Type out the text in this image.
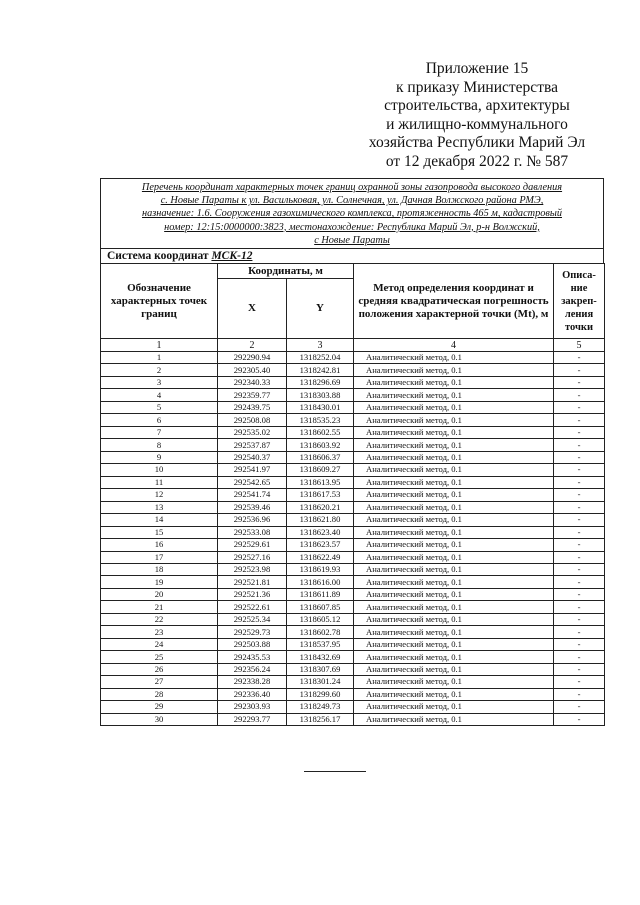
Приложение 15
к приказу Министерства
строительства, архитектуры
и жилищно-коммунального
хозяйства Республики Марий Эл
от 12 декабря 2022 г. № 587
Перечень координат характерных точек границ охранной зоны газопровода высокого давления
с. Новые Параты к ул. Васильковая, ул. Солнечная, ул. Дачная Волжского района РМЭ,
назначение: 1.6. Сооружения газохимического комплекса, протяженность 465 м, кадастровый
номер: 12:15:0000000:3823, местонахождение: Республика Марий Эл, р-н Волжский,
с Новые Параты
Система координат МСК-12
Обозначение характерных точек границ	Координаты, м		Метод определения координат и средняя квадратическая погрешность положения характерной точки (Mt), м	Описа-ние закреп-ления точки
	X	Y		
1	2	3	4	5
1	292290.94	1318252.04	Аналитический метод, 0.1	-
2	292305.40	1318242.81	Аналитический метод, 0.1	-
3	292340.33	1318296.69	Аналитический метод, 0.1	-
4	292359.77	1318303.88	Аналитический метод, 0.1	-
5	292439.75	1318430.01	Аналитический метод, 0.1	-
6	292508.08	1318535.23	Аналитический метод, 0.1	-
7	292535.02	1318602.55	Аналитический метод, 0.1	-
8	292537.87	1318603.92	Аналитический метод, 0.1	-
9	292540.37	1318606.37	Аналитический метод, 0.1	-
10	292541.97	1318609.27	Аналитический метод, 0.1	-
11	292542.65	1318613.95	Аналитический метод, 0.1	-
12	292541.74	1318617.53	Аналитический метод, 0.1	-
13	292539.46	1318620.21	Аналитический метод, 0.1	-
14	292536.96	1318621.80	Аналитический метод, 0.1	-
15	292533.08	1318623.40	Аналитический метод, 0.1	-
16	292529.61	1318623.57	Аналитический метод, 0.1	-
17	292527.16	1318622.49	Аналитический метод, 0.1	-
18	292523.98	1318619.93	Аналитический метод, 0.1	-
19	292521.81	1318616.00	Аналитический метод, 0.1	-
20	292521.36	1318611.89	Аналитический метод, 0.1	-
21	292522.61	1318607.85	Аналитический метод, 0.1	-
22	292525.34	1318605.12	Аналитический метод, 0.1	-
23	292529.73	1318602.78	Аналитический метод, 0.1	-
24	292503.88	1318537.95	Аналитический метод, 0.1	-
25	292435.53	1318432.69	Аналитический метод, 0.1	-
26	292356.24	1318307.69	Аналитический метод, 0.1	-
27	292338.28	1318301.24	Аналитический метод, 0.1	-
28	292336.40	1318299.60	Аналитический метод, 0.1	-
29	292303.93	1318249.73	Аналитический метод, 0.1	-
30	292293.77	1318256.17	Аналитический метод, 0.1	-
